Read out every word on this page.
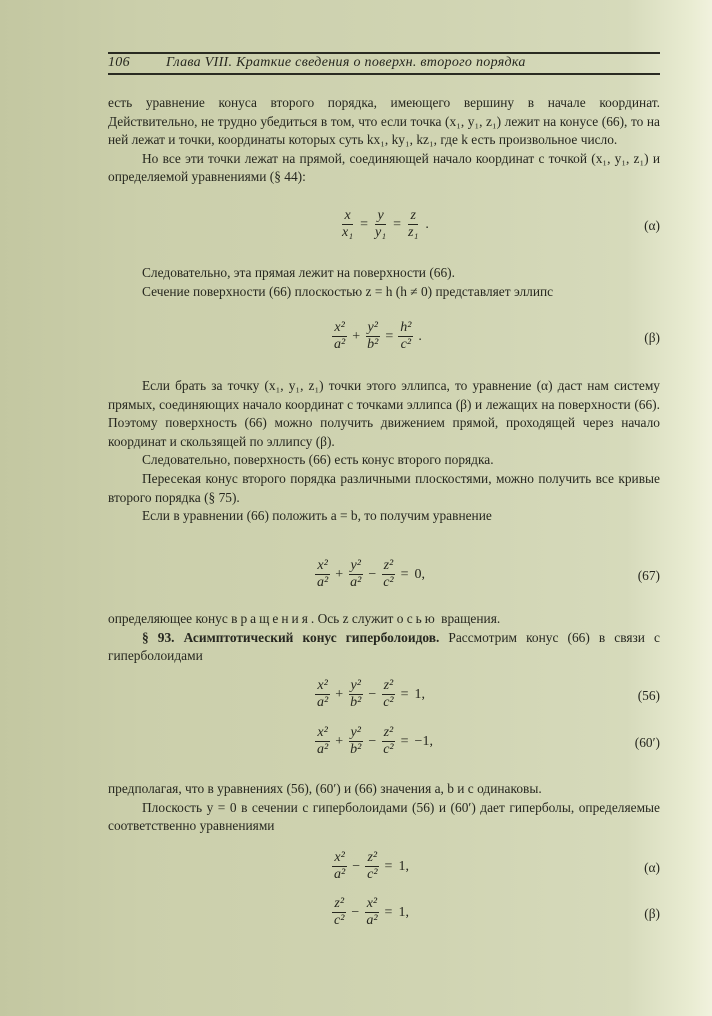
106	Глава VIII. Краткие сведения о поверхн. второго порядка

есть уравнение конуса второго порядка, имеющего вершину в начале координат. Действительно, не трудно убедиться в том, что если точка (x₁, y₁, z₁) лежит на конусе (66), то на ней лежат и точки, координаты которых суть kx₁, ky₁, kz₁, где k есть произвольное число.

Но все эти точки лежат на прямой, соединяющей начало координат с точкой (x₁, y₁, z₁) и определяемой уравнениями (§ 44):

$\frac{x}{\text{x₁}} = \frac{y}{\text{y₁}} = \frac{z}{\text{z₁}}$ .	(α)

Следовательно, эта прямая лежит на поверхности (66).

Сечение поверхности (66) плоскостью z = h (h ≠ 0) представляет эллипс

$\frac{\text{x²}}{\text{a²}} + \frac{\text{y²}}{\text{b²}} = \frac{\text{h²}}{\text{c²}}$ .	(β)

Если брать за точку (x₁, y₁, z₁) точки этого эллипса, то уравнение (α) даст нам систему прямых, соединяющих начало координат с точками эллипса (β) и лежащих на поверхности (66). Поэтому поверхность (66) можно получить движением прямой, проходящей через начало координат и скользящей по эллипсу (β).

Следовательно, поверхность (66) есть конус второго порядка.

Пересекая конус второго порядка различными плоскостями, можно получить все кривые второго порядка (§ 75).

Если в уравнении (66) положить a = b, то получим уравнение

$\frac{\text{x²}}{\text{a²}} + \frac{\text{y²}}{\text{a²}} - \frac{\text{z²}}{\text{c²}} = 0$,	(67)

определяющее конус вращения. Ось z служит осью вращения.

§ 93. Асимптотический конус гиперболоидов. Рассмотрим конус (66) в связи с гиперболоидами

$\frac{\text{x²}}{\text{a²}} + \frac{\text{y²}}{\text{b²}} - \frac{\text{z²}}{\text{c²}} = 1$,	(56)
$\frac{\text{x²}}{\text{a²}} + \frac{\text{y²}}{\text{b²}} - \frac{\text{z²}}{\text{c²}} = -1$,	(60′)

предполагая, что в уравнениях (56), (60′) и (66) значения a, b и c одинаковы.

Плоскость y = 0 в сечении с гиперболоидами (56) и (60′) дает гиперболы, определяемые соответственно уравнениями

$\frac{\text{x²}}{\text{a²}} - \frac{\text{z²}}{\text{c²}} = 1$,	(α)
$\frac{\text{z²}}{\text{c²}} - \frac{\text{x²}}{\text{a²}} = 1$,	(β)
